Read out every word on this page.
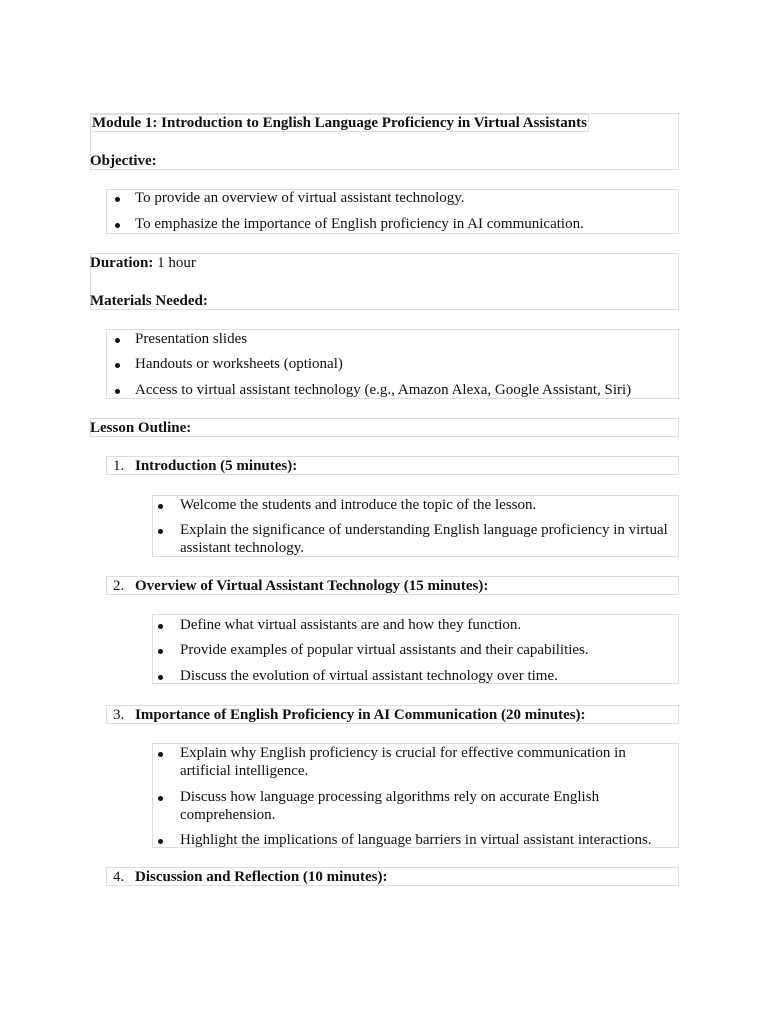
Module 1: Introduction to English Language Proficiency in Virtual Assistants
Objective:
To provide an overview of virtual assistant technology.
To emphasize the importance of English proficiency in AI communication.
Duration: 1 hour
Materials Needed:
Presentation slides
Handouts or worksheets (optional)
Access to virtual assistant technology (e.g., Amazon Alexa, Google Assistant, Siri)
Lesson Outline:
1. Introduction (5 minutes):
Welcome the students and introduce the topic of the lesson.
Explain the significance of understanding English language proficiency in virtual assistant technology.
2. Overview of Virtual Assistant Technology (15 minutes):
Define what virtual assistants are and how they function.
Provide examples of popular virtual assistants and their capabilities.
Discuss the evolution of virtual assistant technology over time.
3. Importance of English Proficiency in AI Communication (20 minutes):
Explain why English proficiency is crucial for effective communication in artificial intelligence.
Discuss how language processing algorithms rely on accurate English comprehension.
Highlight the implications of language barriers in virtual assistant interactions.
4. Discussion and Reflection (10 minutes):
